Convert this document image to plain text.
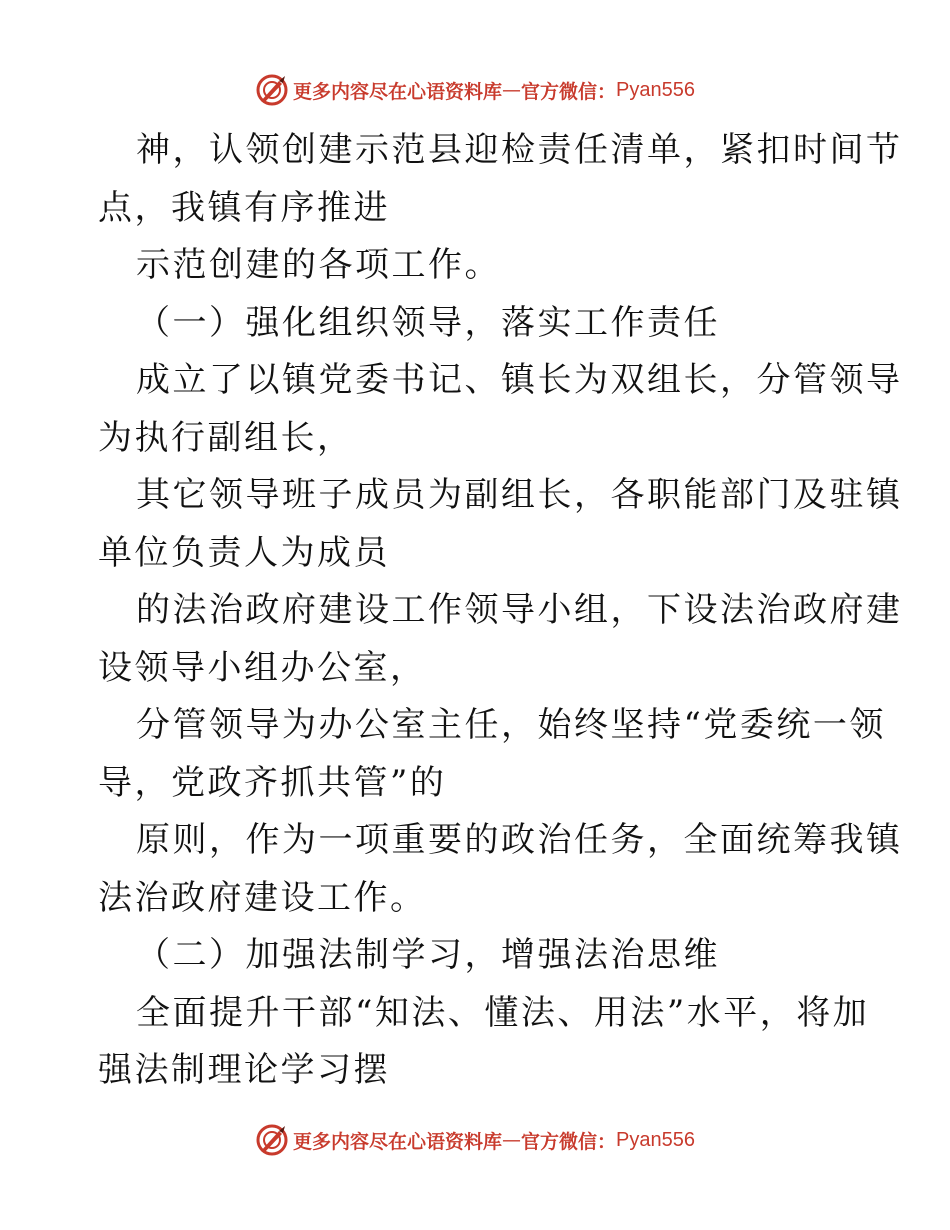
更多内容尽在心语资料库 — 官方微信： Pyan556
神，认领创建示范县迎检责任清单，紧扣时间节
点，我镇有序推进
示范创建的各项工作。
（一）强化组织领导，落实工作责任
成立了以镇党委书记、镇长为双组长，分管领导
为执行副组长，
其它领导班子成员为副组长，各职能部门及驻镇
单位负责人为成员
的法治政府建设工作领导小组，下设法治政府建
设领导小组办公室，
分管领导为办公室主任，始终坚持“党委统一领
导，党政齐抓共管”的
原则，作为一项重要的政治任务，全面统筹我镇
法治政府建设工作。
（二）加强法制学习，增强法治思维
全面提升干部“知法、懂法、用法”水平，将加
强法制理论学习摆
更多内容尽在心语资料库 — 官方微信： Pyan556
